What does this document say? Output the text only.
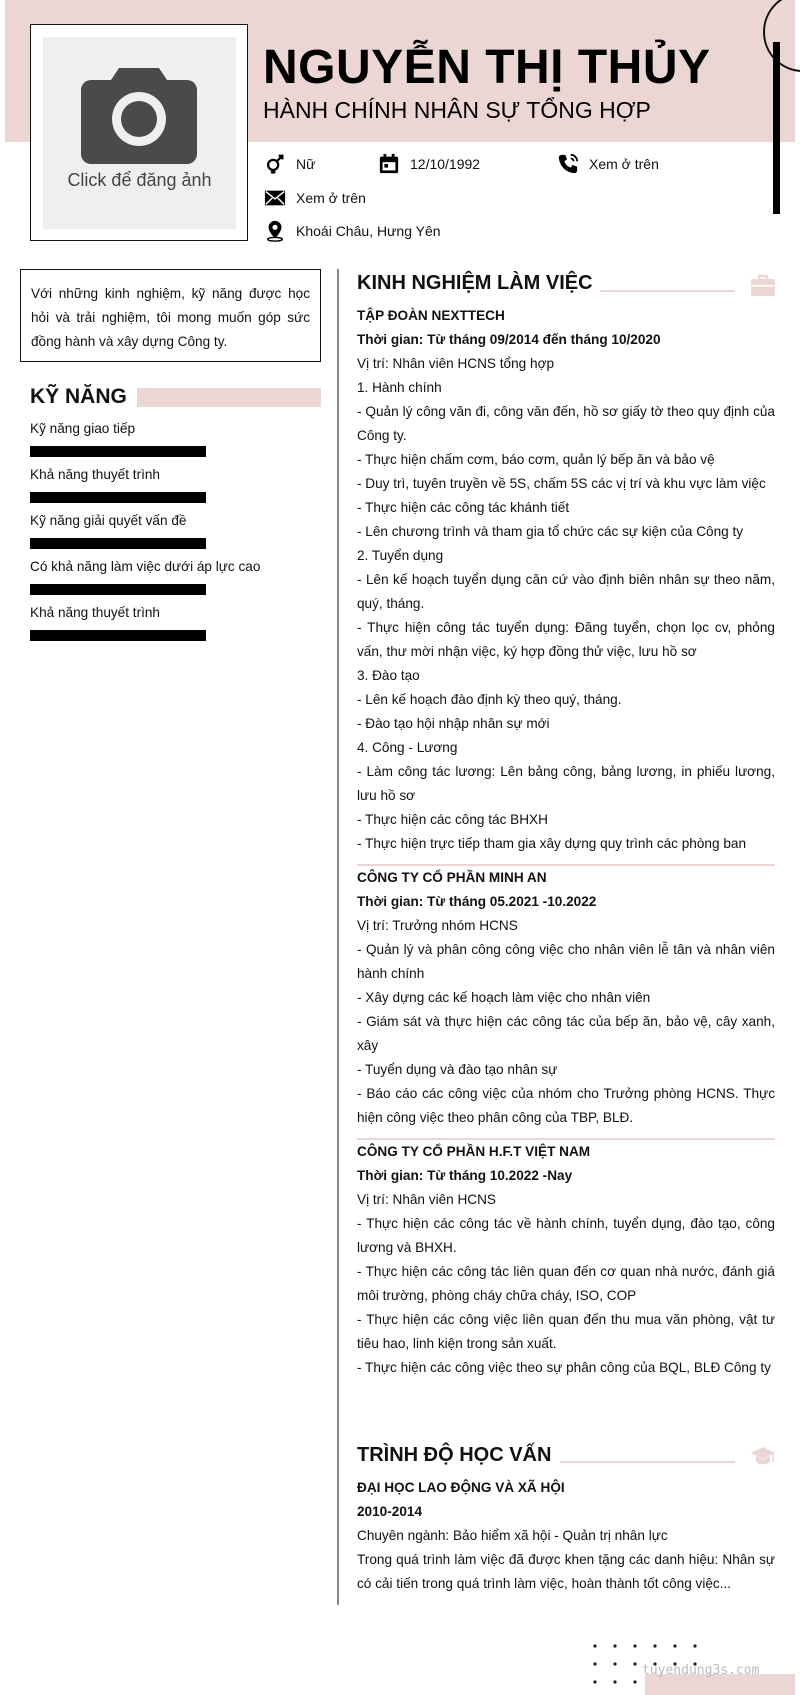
Click để đăng ảnh
NGUYỄN THỊ THỦY
HÀNH CHÍNH NHÂN SỰ TỔNG HỢP
Nữ	12/10/1992	Xem ở trên
Xem ở trên
Khoái Châu, Hưng Yên
Với những kinh nghiệm, kỹ năng được học hỏi và trải nghiệm, tôi mong muốn góp sức đồng hành và xây dựng Công ty.
KỸ NĂNG
Kỹ năng giao tiếp
Khả năng thuyết trình
Kỹ năng giải quyết vấn đề
Có khả năng làm việc dưới áp lực cao
Khả năng thuyết trình
KINH NGHIỆM LÀM VIỆC
TẬP ĐOÀN NEXTTECH
Thời gian: Từ tháng 09/2014 đến tháng 10/2020
Vị trí: Nhân viên HCNS tổng hợp

1. Hành chính

- Quản lý công văn đi, công văn đến, hồ sơ giấy tờ theo quy định của Công ty.

- Thực hiện chấm cơm, báo cơm, quản lý bếp ăn và bảo vệ

- Duy trì, tuyên truyền về 5S, chấm 5S các vị trí và khu vực làm việc

- Thực hiện các công tác khánh tiết

- Lên chương trình và tham gia tổ chức các sự kiện của Công ty

2. Tuyển dụng

- Lên kế hoạch tuyển dụng căn cứ vào định biên nhân sự theo năm, quý, tháng.

- Thực hiện công tác tuyển dụng: Đăng tuyển, chọn lọc cv, phỏng vấn, thư mời nhận việc, ký hợp đồng thử việc, lưu hồ sơ

3. Đào tạo

- Lên kế hoạch đào định kỳ theo quý, tháng.

- Đào tạo hội nhập nhân sự mới

4. Công - Lương

- Làm công tác lương: Lên bảng công, bảng lương, in phiếu lương, lưu hồ sơ

- Thực hiện các công tác BHXH

- Thực hiện trực tiếp tham gia xây dựng quy trình các phòng ban

CÔNG TY CỔ PHẦN MINH AN
Thời gian: Từ tháng 05.2021 -10.2022
Vị trí: Trưởng nhóm HCNS

- Quản lý và phân công công việc cho nhân viên lễ tân và nhân viên hành chính

- Xây dựng các kế hoạch làm việc cho nhân viên

- Giám sát và thực hiện các công tác của bếp ăn, bảo vệ, cây xanh, xây

- Tuyển dụng và đào tạo nhân sự

- Báo cáo các công việc của nhóm cho Trưởng phòng HCNS. Thực hiện công việc theo phân công của TBP, BLĐ.

CÔNG TY CỔ PHẦN H.F.T VIỆT NAM
Thời gian: Từ tháng 10.2022 -Nay
Vị trí: Nhân viên HCNS

- Thực hiện các công tác về hành chính, tuyển dụng, đào tạo, công lương và BHXH.

- Thực hiện các công tác liên quan đến cơ quan nhà nước, đánh giá môi trường, phòng cháy chữa cháy, ISO, COP

- Thực hiện các công việc liên quan đến thu mua văn phòng, vật tư tiêu hao, linh kiện trong sản xuất.

- Thực hiện các công việc theo sự phân công của BQL, BLĐ Công ty

TRÌNH ĐỘ HỌC VẤN
ĐẠI HỌC LAO ĐỘNG VÀ XÃ HỘI
2010-2014
Chuyên ngành: Bảo hiểm xã hội - Quản trị nhân lực

Trong quá trình làm việc đã được khen tặng các danh hiệu: Nhân sự có cải tiến trong quá trình làm việc, hoàn thành tốt công việc...

tuyendung3s.com
